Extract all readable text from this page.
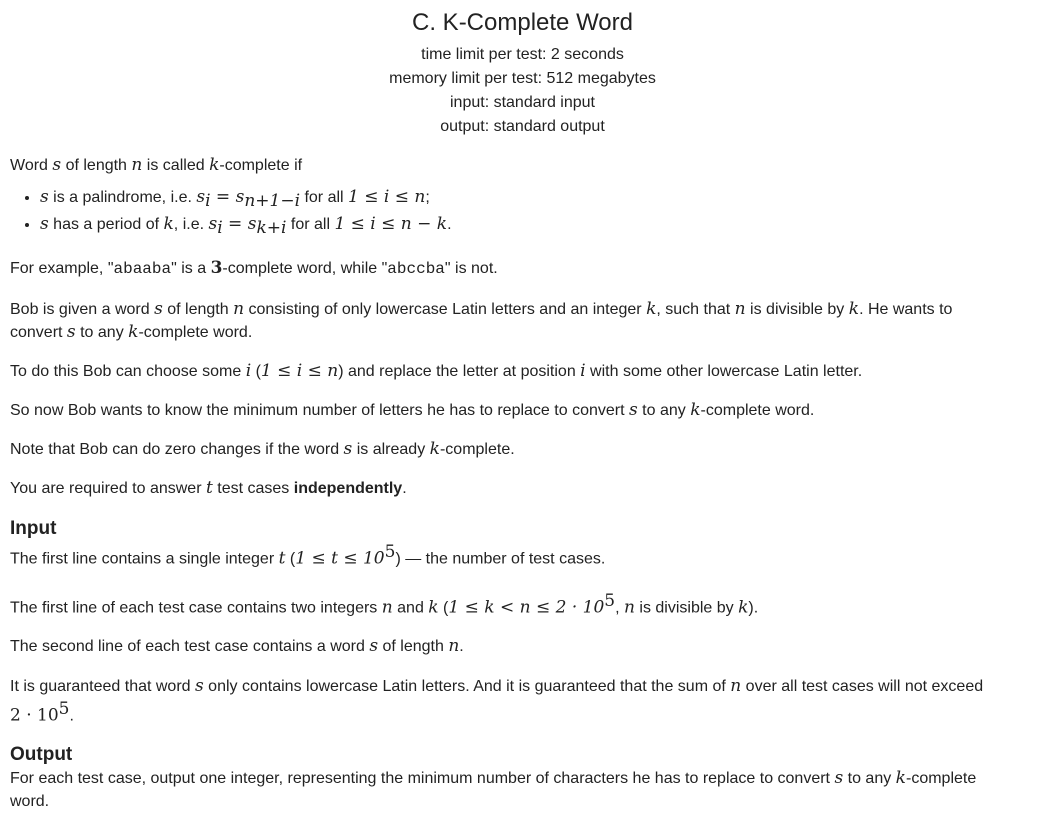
C. K-Complete Word
time limit per test: 2 seconds
memory limit per test: 512 megabytes
input: standard input
output: standard output

Word s of length n is called k-complete if

• s is a palindrome, i.e. $s_i = s_{n+1-i}$ for all 1 ≤ i ≤ n;
• s has a period of k, i.e. $s_i = s_{k+i}$ for all 1 ≤ i ≤ n − k.

For example, "abaaba" is a 3-complete word, while "abccba" is not.

Bob is given a word s of length n consisting of only lowercase Latin letters and an integer k, such that n is divisible by k. He wants to
convert s to any k-complete word.

To do this Bob can choose some i (1 ≤ i ≤ n) and replace the letter at position i with some other lowercase Latin letter.

So now Bob wants to know the minimum number of letters he has to replace to convert s to any k-complete word.

Note that Bob can do zero changes if the word s is already k-complete.

You are required to answer t test cases independently.

Input

The first line contains a single integer t $(1 \le t \le 10^5)$ — the number of test cases.

The first line of each test case contains two integers n and k ($1 \le k < n \le 2 \cdot 10^5$, n is divisible by k).

The second line of each test case contains a word s of length n.

It is guaranteed that word s only contains lowercase Latin letters. And it is guaranteed that the sum of n over all test cases will not exceed
$2 \cdot 10^5$.

Output

For each test case, output one integer, representing the minimum number of characters he has to replace to convert s to any k-complete
word.
